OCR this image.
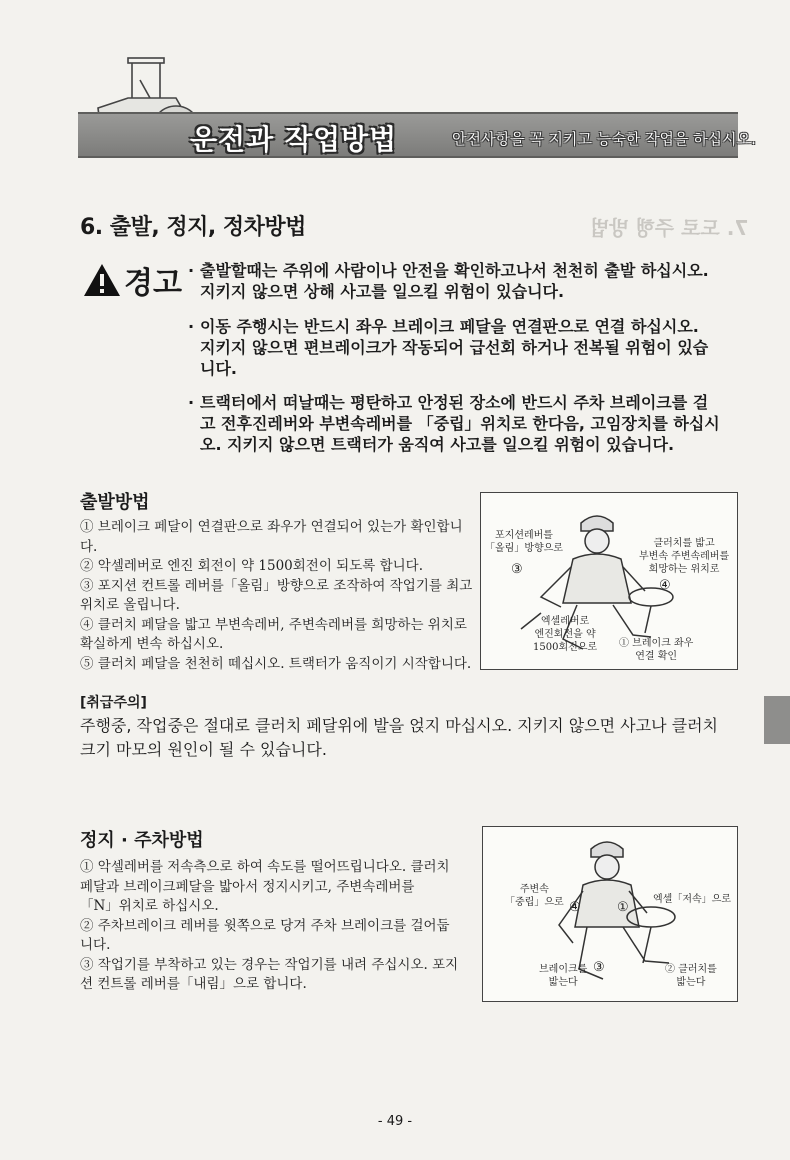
7. 도로 주행 방법
운전과 작업방법	안전사항을 꼭 지키고 능숙한 작업을 하십시오.
6. 출발, 정지, 정차방법
경고 · 출발할때는 주위에 사람이나 안전을 확인하고나서 천천히 출발 하십시오.
지키지 않으면 상해 사고를 일으킬 위험이 있습니다.
· 이동 주행시는 반드시 좌우 브레이크 페달을 연결판으로 연결 하십시오.
지키지 않으면 편브레이크가 작동되어 급선회 하거나 전복될 위험이 있습
니다.
· 트랙터에서 떠날때는 평탄하고 안정된 장소에 반드시 주차 브레이크를 걸
고 전후진레버와 부변속레버를 「중립」위치로 한다음, 고임장치를 하십시
오. 지키지 않으면 트랙터가 움직여 사고를 일으킬 위험이 있습니다.
출발방법
① 브레이크 페달이 연결판으로 좌우가 연결되어 있는가 확인합니
다.
② 악셀레버로 엔진 회전이 약 1500회전이 되도록 합니다.
③ 포지션 컨트롤 레버를「올림」방향으로 조작하여 작업기를 최고
위치로 올립니다.
④ 클러치 페달을 밟고 부변속레버, 주변속레버를 희망하는 위치로
확실하게 변속 하십시오.
⑤ 클러치 페달을 천천히 떼십시오. 트랙터가 움직이기 시작합니다.
포지션레버를
「올림」방향으로	클러치를 밟고
부변속 주변속레버를
희망하는 위치로
엑셀레버로
엔진회전을 약
1500회전으로 ① 브레이크 좌우
연결 확인
③
④
[취급주의]
주행중, 작업중은 절대로 클러치 페달위에 발을 얹지 마십시오. 지키지 않으면 사고나 클러치
크기 마모의 원인이 될 수 있습니다.
정지 · 주차방법
① 악셀레버를 저속측으로 하여 속도를 떨어뜨립니다오. 클러치
페달과 브레이크페달을 밟아서 정지시키고, 주변속레버를
「N」위치로 하십시오.
② 주차브레이크 레버를 윗쪽으로 당겨 주차 브레이크를 걸어둡
니다.
③ 작업기를 부착하고 있는 경우는 작업기를 내려 주십시오. 포지
션 컨트롤 레버를「내림」으로 합니다.
주변속
「중립」으로	엑셀「저속」으로
브레이크를
밟는다
② 클러치를
밟는다
④	①
③
- 49 -
